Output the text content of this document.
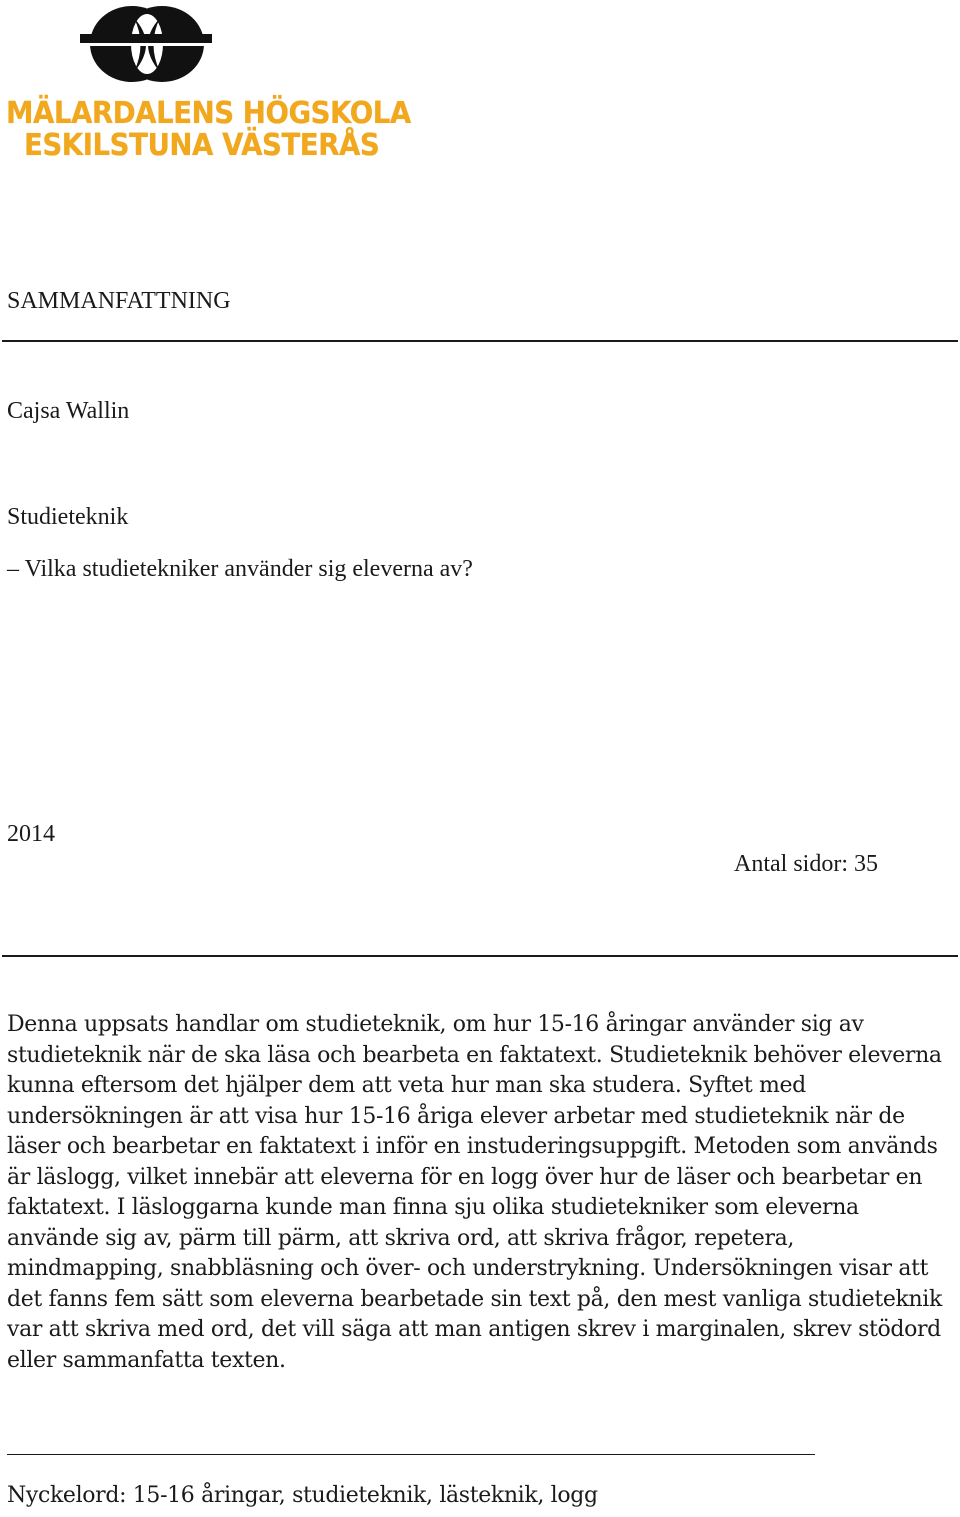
MÄLARDALENS HÖGSKOLA
ESKILSTUNA VÄSTERÅS
SAMMANFATTNING
Cajsa Wallin
Studieteknik
– Vilka studietekniker använder sig eleverna av?
2014
Antal sidor: 35

Denna uppsats handlar om studieteknik, om hur 15-16 åringar använder sig av studieteknik när de ska läsa och bearbeta en faktatext. Studieteknik behöver eleverna kunna eftersom det hjälper dem att veta hur man ska studera. Syftet med undersökningen är att visa hur 15-16 åriga elever arbetar med studieteknik när de läser och bearbetar en faktatext i inför en instuderingsuppgift. Metoden som används är läslogg, vilket innebär att eleverna för en logg över hur de läser och bearbetar en faktatext. I läsloggarna kunde man finna sju olika studietekniker som eleverna använde sig av, pärm till pärm, att skriva ord, att skriva frågor, repetera, mindmapping, snabbläsning och över- och understrykning. Undersökningen visar att det fanns fem sätt som eleverna bearbetade sin text på, den mest vanliga studieteknik var att skriva med ord, det vill säga att man antigen skrev i marginalen, skrev stödord eller sammanfatta texten.

Nyckelord: 15-16 åringar, studieteknik, lästeknik, logg
